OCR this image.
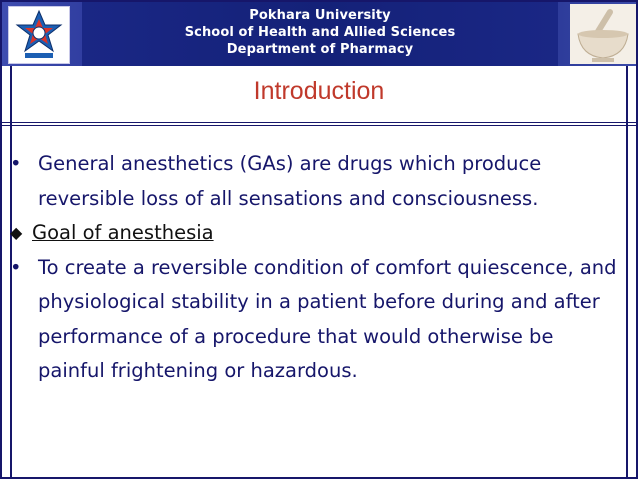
Pokhara University
School of Health and Allied Sciences
Department of Pharmacy
Introduction
• General anesthetics (GAs) are drugs which produce reversible loss of all sensations and consciousness.
◆ Goal of anesthesia
• To create a reversible condition of comfort quiescence, and physiological stability in a patient before during and after performance of a procedure that would otherwise be painful frightening or hazardous.
